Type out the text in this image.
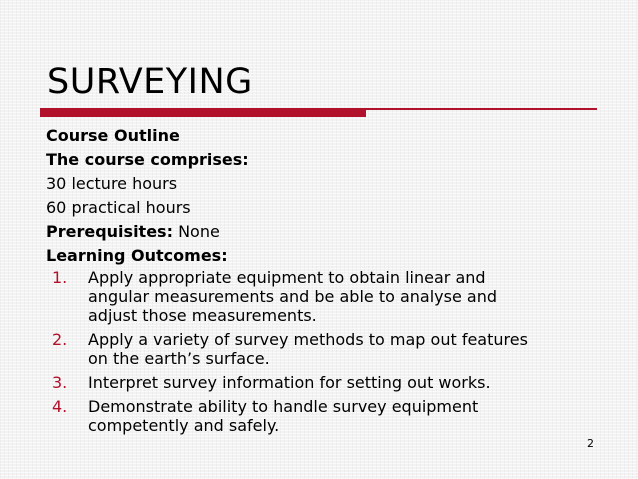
SURVEYING
Course Outline
The course comprises:
30 lecture hours
60 practical hours
Prerequisites: None
Learning Outcomes:
1. Apply appropriate equipment to obtain linear and
angular measurements and be able to analyse and
adjust those measurements.
2. Apply a variety of survey methods to map out features
on the earth’s surface.
3. Interpret survey information for setting out works.
4. Demonstrate ability to handle survey equipment
competently and safely.
2
